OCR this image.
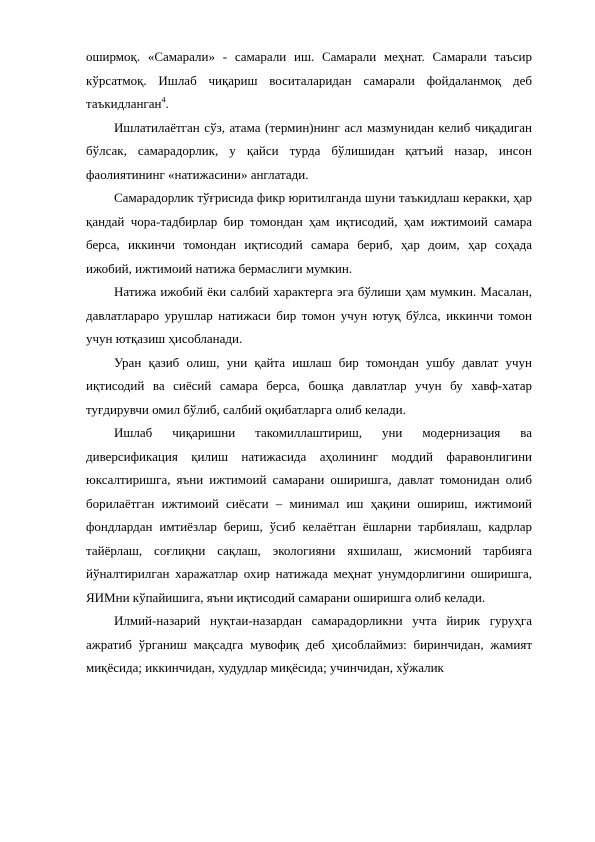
оширмоқ. «Самарали» - самарали иш. Самарали меҳнат. Самарали таъсир кўрсатмоқ. Ишлаб чиқариш воситаларидан самарали фойдаланмоқ деб таъкидланган$^4$.

Ишлатилаётган сўз, атама (термин)нинг асл мазмунидан келиб чиқадиган бўлсак, самарадорлик, у қайси турда бўлишидан қатъий назар, инсон фаолиятининг «натижасини» англатади.

Самарадорлик тўғрисида фикр юритилганда шуни таъкидлаш керакки, ҳар қандай чора-тадбирлар бир томондан ҳам иқтисодий, ҳам ижтимоий самара берса, иккинчи томондан иқтисодий самара бериб, ҳар доим, ҳар соҳада ижобий, ижтимоий натижа бермаслиги мумкин.

Натижа ижобий ёки салбий характерга эга бўлиши ҳам мумкин. Масалан, давлатлараро урушлар натижаси бир томон учун ютуқ бўлса, иккинчи томон учун ютқазиш ҳисобланади.

Уран қазиб олиш, уни қайта ишлаш бир томондан ушбу давлат учун иқтисодий ва сиёсий самара берса, бошқа давлатлар учун бу хавф-хатар туғдирувчи омил бўлиб, салбий оқибатларга олиб келади.

Ишлаб чиқаришни такомиллаштириш, уни модернизация ва диверсификация қилиш натижасида аҳолининг моддий фаравонлигини юксалтиришга, яъни ижтимоий самарани оширишга, давлат томонидан олиб борилаётган ижтимоий сиёсати – минимал иш ҳақини ошириш, ижтимоий фондлардан имтиёзлар бериш, ўсиб келаётган ёшларни тарбиялаш, кадрлар тайёрлаш, соғлиқни сақлаш, экологияни яхшилаш, жисмоний тарбияга йўналтирилган харажатлар охир натижада меҳнат унумдорлигини оширишга, ЯИМни кўпайишига, яъни иқтисодий самарани оширишга олиб келади.

Илмий-назарий нуқтаи-назардан самарадорликни учта йирик гуруҳга ажратиб ўрганиш мақсадга мувофиқ деб ҳисоблаймиз: биринчидан, жамият миқёсида; иккинчидан, худудлар миқёсида; учинчидан, хўжалик
